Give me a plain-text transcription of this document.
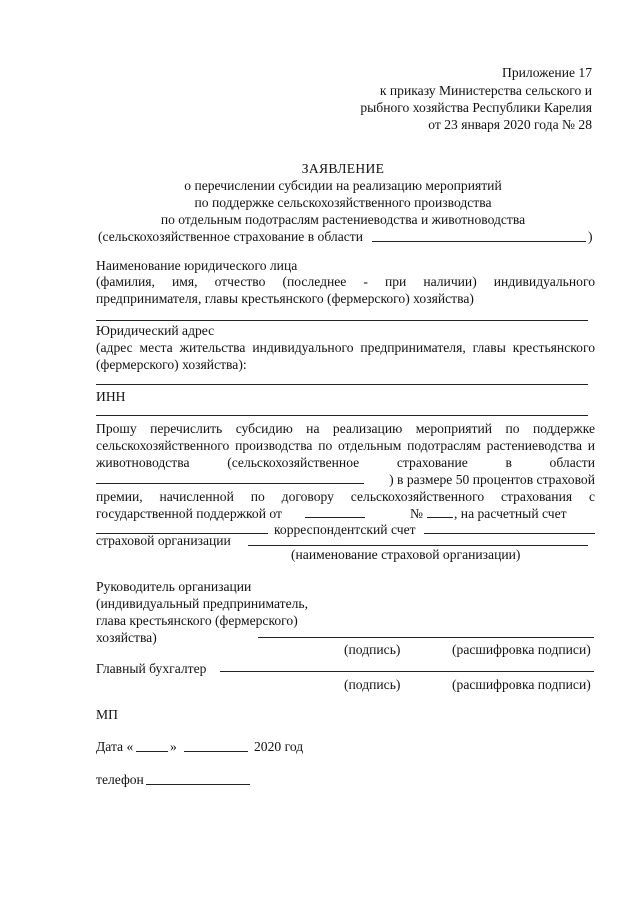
Приложение 17
к приказу Министерства сельского и
рыбного хозяйства Республики Карелия
от 23 января 2020 года № 28
ЗАЯВЛЕНИЕ
о перечислении субсидии на реализацию мероприятий
по поддержке сельскохозяйственного производства
по отдельным подотраслям растениеводства и животноводства
(сельскохозяйственное страхование в области	)
Наименование юридического лица
(фамилия, имя, отчество (последнее - при наличии) индивидуального
предпринимателя, главы крестьянского (фермерского) хозяйства)
Юридический адрес
(адрес места жительства индивидуального предпринимателя, главы крестьянского
(фермерского) хозяйства):
ИНН
Прошу перечислить субсидию на реализацию мероприятий по поддержке
сельскохозяйственного производства по отдельным подотраслям растениеводства и
животноводства (сельскохозяйственное страхование в области
) в размере 50 процентов страховой
премии, начисленной по договору сельскохозяйственного страхования с
государственной поддержкой от	№ , на расчетный счет
корреспондентский счет
страховой организации
(наименование страховой организации)
Руководитель организации
(индивидуальный предприниматель,
глава крестьянского (фермерского)
хозяйства)
(подпись)	(расшифровка подписи)
Главный бухгалтер
(подпись)	(расшифровка подписи)
МП
Дата «	»	2020 год
телефон
